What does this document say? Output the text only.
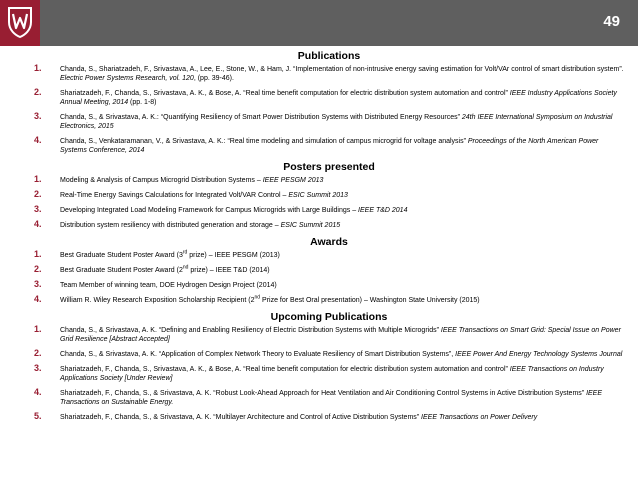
49
Publications
1.	Chanda, S., Shariatzadeh, F., Srivastava, A., Lee, E., Stone, W., & Ham, J. “Implementation of non-intrusive energy saving estimation for Volt/VAr control of smart distribution system”. Electric Power Systems Research, vol. 120, (pp. 39-46).
2.	Shariatzadeh, F., Chanda, S., Srivastava, A. K., & Bose, A. “Real time benefit computation for electric distribution system automation and control” IEEE Industry Applications Society Annual Meeting, 2014 (pp. 1-8)
3.	Chanda, S., & Srivastava, A. K.: “Quantifying Resiliency of Smart Power Distribution Systems with Distributed Energy Resources” 24th IEEE International Symposium on Industrial Electronics, 2015
4.	Chanda, S., Venkataramanan, V., & Srivastava, A. K.: “Real time modeling and simulation of campus microgrid for voltage analysis” Proceedings of the North American Power Systems Conference, 2014
Posters presented
1.	Modeling & Analysis of Campus Microgrid Distribution Systems – IEEE PESGM 2013
2.	Real-Time Energy Savings Calculations for Integrated Volt/VAR Control – ESIC Summit 2013
3.	Developing Integrated Load Modeling Framework for Campus Microgrids with Large Buildings – IEEE T&D 2014
4.	Distribution system resiliency with distributed generation and storage – ESIC Summit 2015
Awards
1.	Best Graduate Student Poster Award (3rd prize) – IEEE PESGM (2013)
2.	Best Graduate Student Poster Award (2nd prize) – IEEE T&D (2014)
3.	Team Member of winning team, DOE Hydrogen Design Project (2014)
4.	William R. Wiley Research Exposition Scholarship Recipient (2nd Prize for Best Oral presentation) – Washington State University (2015)
Upcoming Publications
1.	Chanda, S., & Srivastava, A. K. “Defining and Enabling Resiliency of Electric Distribution Systems with Multiple Microgrids” IEEE Transactions on Smart Grid: Special Issue on Power Grid Resilience [Abstract Accepted]
2.	Chanda, S., & Srivastava, A. K. “Application of Complex Network Theory to Evaluate Resiliency of Smart Distribution Systems”, IEEE Power And Energy Technology Systems Journal
3.	Shariatzadeh, F., Chanda, S., Srivastava, A. K., & Bose, A. “Real time benefit computation for electric distribution system automation and control” IEEE Transactions on Industry Applications Society [Under Review]
4.	Shariatzadeh, F., Chanda, S., & Srivastava, A. K. “Robust Look-Ahead Approach for Heat Ventilation and Air Conditioning Control Systems in Active Distribution Systems” IEEE Transactions on Sustainable Energy.
5.	Shariatzadeh, F., Chanda, S., & Srivastava, A. K. “Multilayer Architecture and Control of Active Distribution Systems” IEEE Transactions on Power Delivery
